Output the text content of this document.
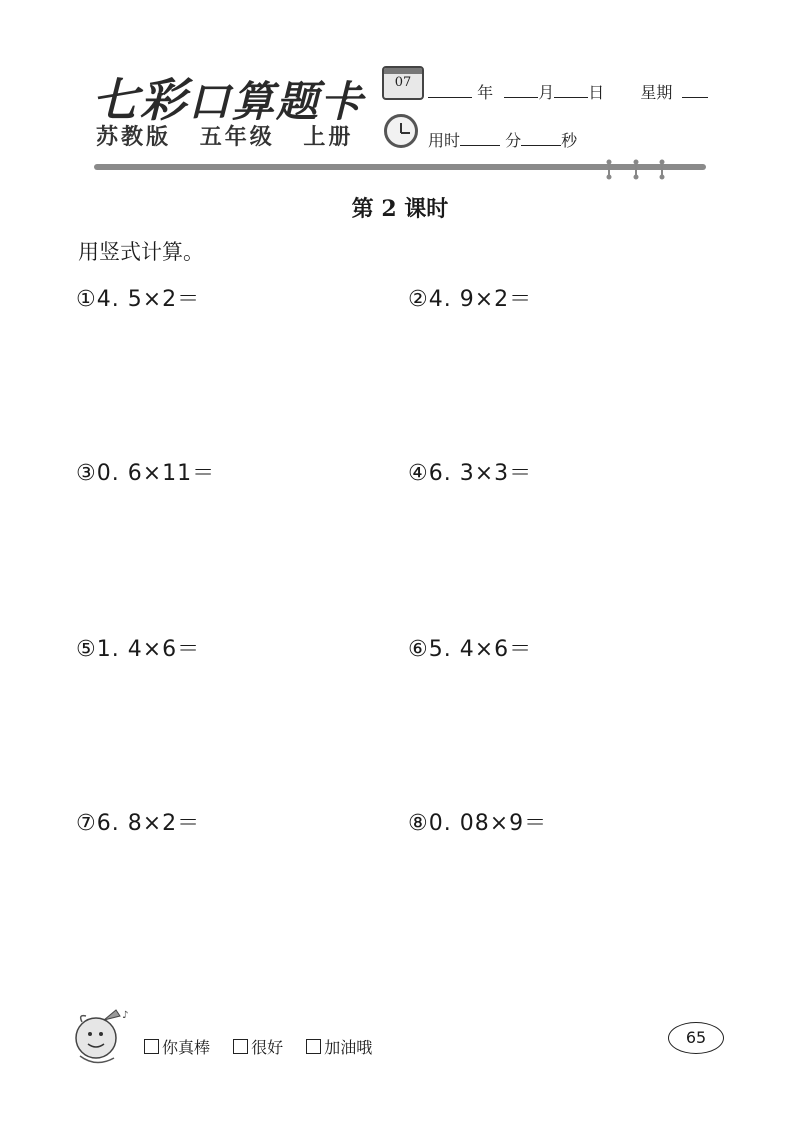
七彩口算题卡
苏教版 五年级 上册
07
年	月 日 星期
用时	分	秒
第 2 课时
用竖式计算。
①4. 5×2＝	②4. 9×2＝
③0. 6×11＝	④6. 3×3＝
⑤1. 4×6＝	⑥5. 4×6＝
⑦6. 8×2＝	⑧0. 08×9＝
♪
你真棒	很好	加油哦
65
